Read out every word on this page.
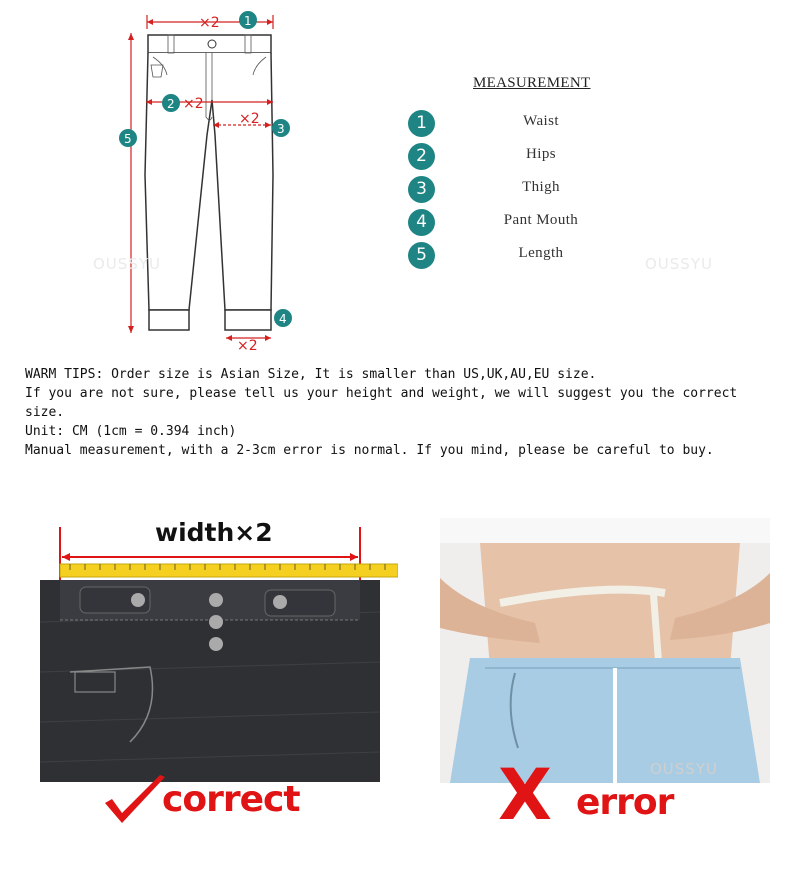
×2 1
5
2 ×2
×2
3
×2
4
OUSSYU	OUSSYU
MEASUREMENT
1	Waist
2	Hips
3	Thigh
4	Pant Mouth
5	Length
WARM TIPS: Order size is Asian Size, It is smaller than US,UK,AU,EU size.
If you are not sure, please tell us your height and weight, we will suggest you the correct size.
Unit: CM (1cm = 0.394 inch)
Manual measurement, with a 2-3cm error is normal. If you mind, please be careful to buy.
width×2
OUSSYU
correct	X error
